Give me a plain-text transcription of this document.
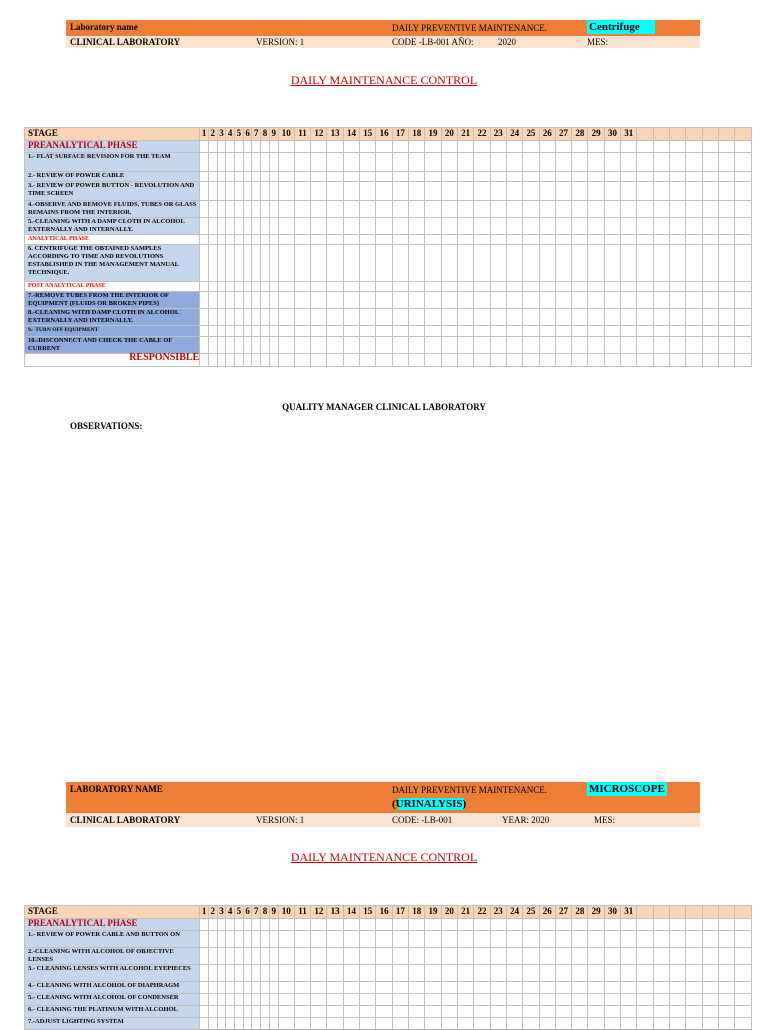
Laboratory name	DAILY PREVENTIVE MAINTENANCE.	Centrifuge
CLINICAL LABORATORY	VERSION: 1	CODE -LB-001 AÑO:	2020	MES:
DAILY MAINTENANCE CONTROL
STAGE	1	2	3	4	5	6	7	8	9	10	11	12	13	14	15	16	17	18	19	20	21	22	23	24	25	26	27	28	29	30	31							
PREANALYTICAL PHASE																																						
1.- FLAT SURFACE REVISION FOR THE TEAM																																						
2.- REVIEW OF POWER CABLE																																						
3.- REVIEW OF POWER BUTTON - REVOLUTION AND TIME SCREEN																																						
4.-OBSERVE AND REMOVE FLUIDS, TUBES OR GLASS REMAINS FROM THE INTERIOR,																																						
5.-CLEANING WITH A DAMP CLOTH IN ALCOHOL EXTERNALLY AND INTERNALLY.																																						
ANALYTICAL PHASE																																						
6. CENTRIFUGE THE OBTAINED SAMPLES ACCORDING TO TIME AND REVOLUTIONS ESTABLISHED IN THE MANAGEMENT MANUAL TECHNIQUE.																																						
POST ANALYTICAL PHASE																																						
7.-REMOVE TUBES FROM THE INTERIOR OF EQUIPMENT (FLUIDS OR BROKEN PIPES)																																						
8.-CLEANING WITH DAMP CLOTH IN ALCOHOL EXTERNALLY AND INTERNALLY.																																						
9.- TURN OFF EQUIPMENT																																						
10.-DISCONNECT AND CHECK THE CABLE OF CURRENT																																						
RESPONSIBLE																																						
QUALITY MANAGER CLINICAL LABORATORY
OBSERVATIONS:
LABORATORY NAME	DAILY PREVENTIVE MAINTENANCE.	MICROSCOPE
(URINALYSIS)
CLINICAL LABORATORY	VERSION: 1	CODE: -LB-001	YEAR: 2020	MES:
DAILY MAINTENANCE CONTROL
STAGE	1	2	3	4	5	6	7	8	9	10	11	12	13	14	15	16	17	18	19	20	21	22	23	24	25	26	27	28	29	30	31							
PREANALYTICAL PHASE																																						
1.- REVIEW OF POWER CABLE AND BUTTON ON																																						
2.-CLEANING WITH ALCOHOL OF OBJECTIVE LENSES																																						
3.- CLEANING LENSES WITH ALCOHOL EYEPIECES																																						
4.- CLEANING WITH ALCOHOL OF DIAPHRAGM																																						
5.- CLEANING WITH ALCOHOL OF CONDENSER																																						
6.- CLEANING THE PLATINUM WITH ALCOHOL																																						
7.-ADJUST LIGHTING SYSTEM																																						
